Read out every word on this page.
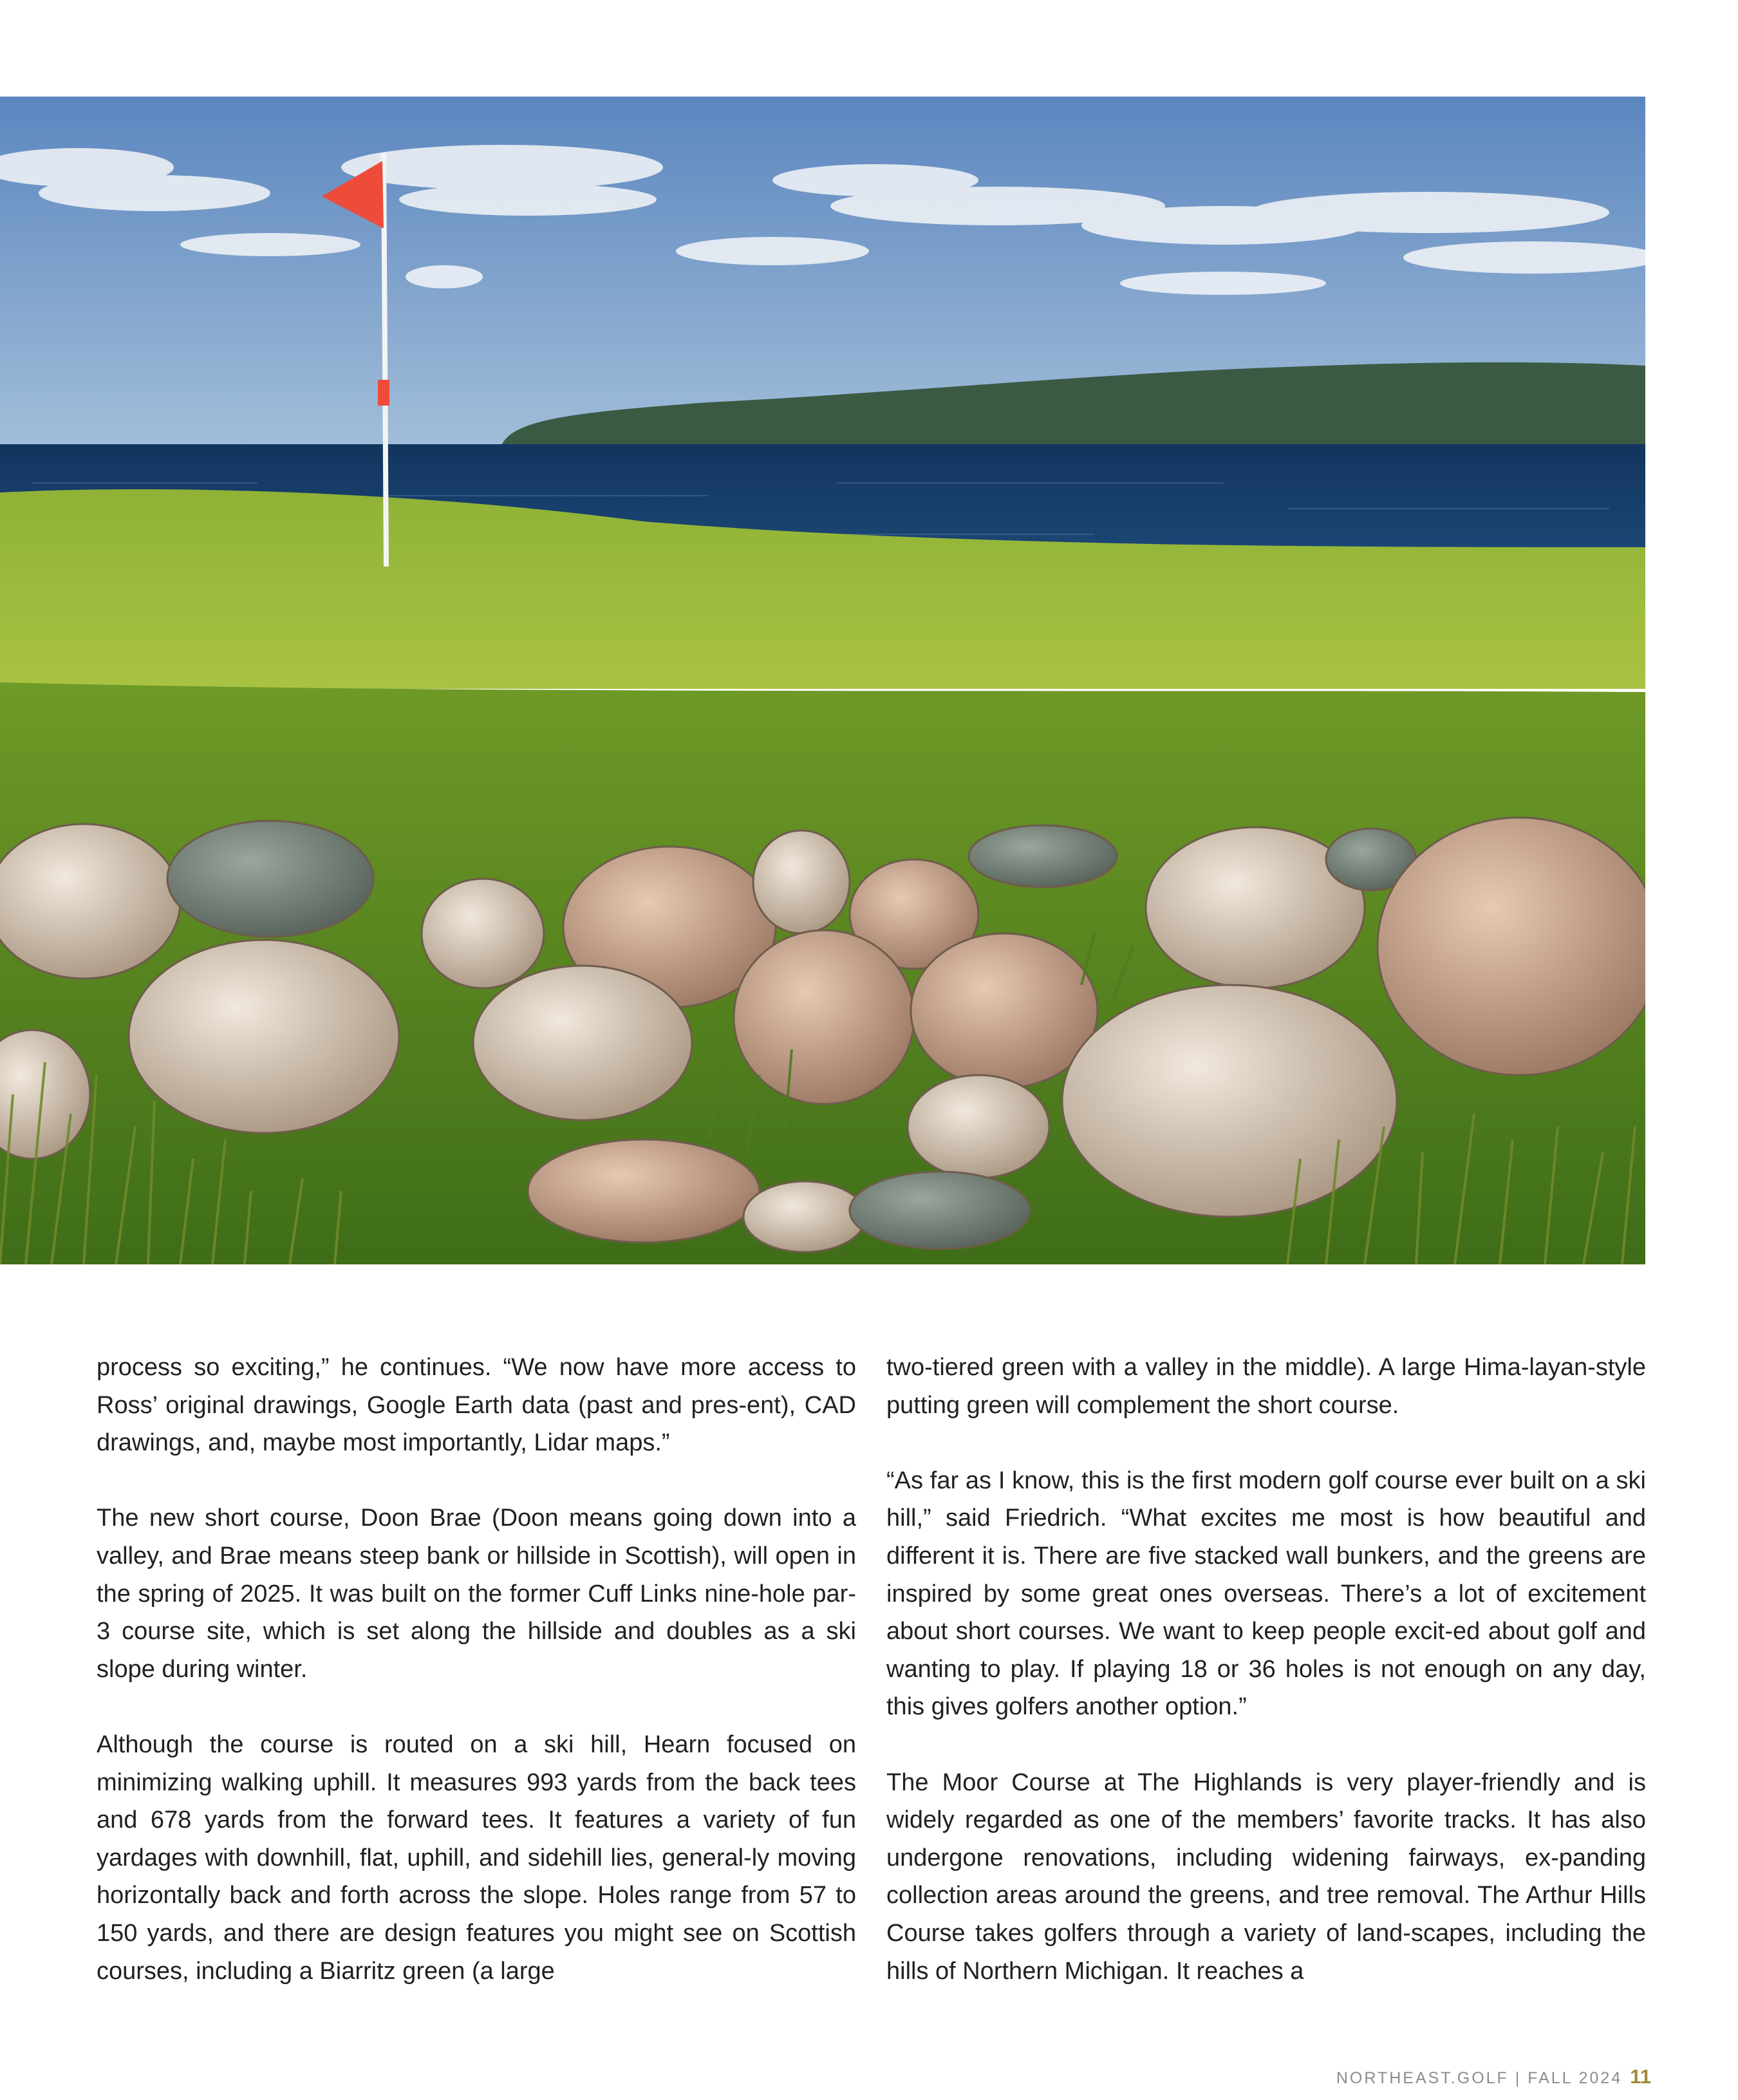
process so exciting,” he continues. “We now have more access to Ross’ original drawings, Google Earth data (past and pres-ent), CAD drawings, and, maybe most importantly, Lidar maps.”

The new short course, Doon Brae (Doon means going down into a valley, and Brae means steep bank or hillside in Scottish), will open in the spring of 2025. It was built on the former Cuff Links nine-hole par-3 course site, which is set along the hillside and doubles as a ski slope during winter.

Although the course is routed on a ski hill, Hearn focused on minimizing walking uphill. It measures 993 yards from the back tees and 678 yards from the forward tees. It features a variety of fun yardages with downhill, flat, uphill, and sidehill lies, general-ly moving horizontally back and forth across the slope. Holes range from 57 to 150 yards, and there are design features you might see on Scottish courses, including a Biarritz green (a large

two-tiered green with a valley in the middle). A large Hima-layan-style putting green will complement the short course.

“As far as I know, this is the first modern golf course ever built on a ski hill,” said Friedrich. “What excites me most is how beautiful and different it is. There are five stacked wall bunkers, and the greens are inspired by some great ones overseas. There’s a lot of excitement about short courses. We want to keep people excit-ed about golf and wanting to play. If playing 18 or 36 holes is not enough on any day, this gives golfers another option.”

The Moor Course at The Highlands is very player-friendly and is widely regarded as one of the members’ favorite tracks. It has also undergone renovations, including widening fairways, ex-panding collection areas around the greens, and tree removal. The Arthur Hills Course takes golfers through a variety of land-scapes, including the hills of Northern Michigan. It reaches a

NORTHEAST.GOLF | FALL 2024 11
